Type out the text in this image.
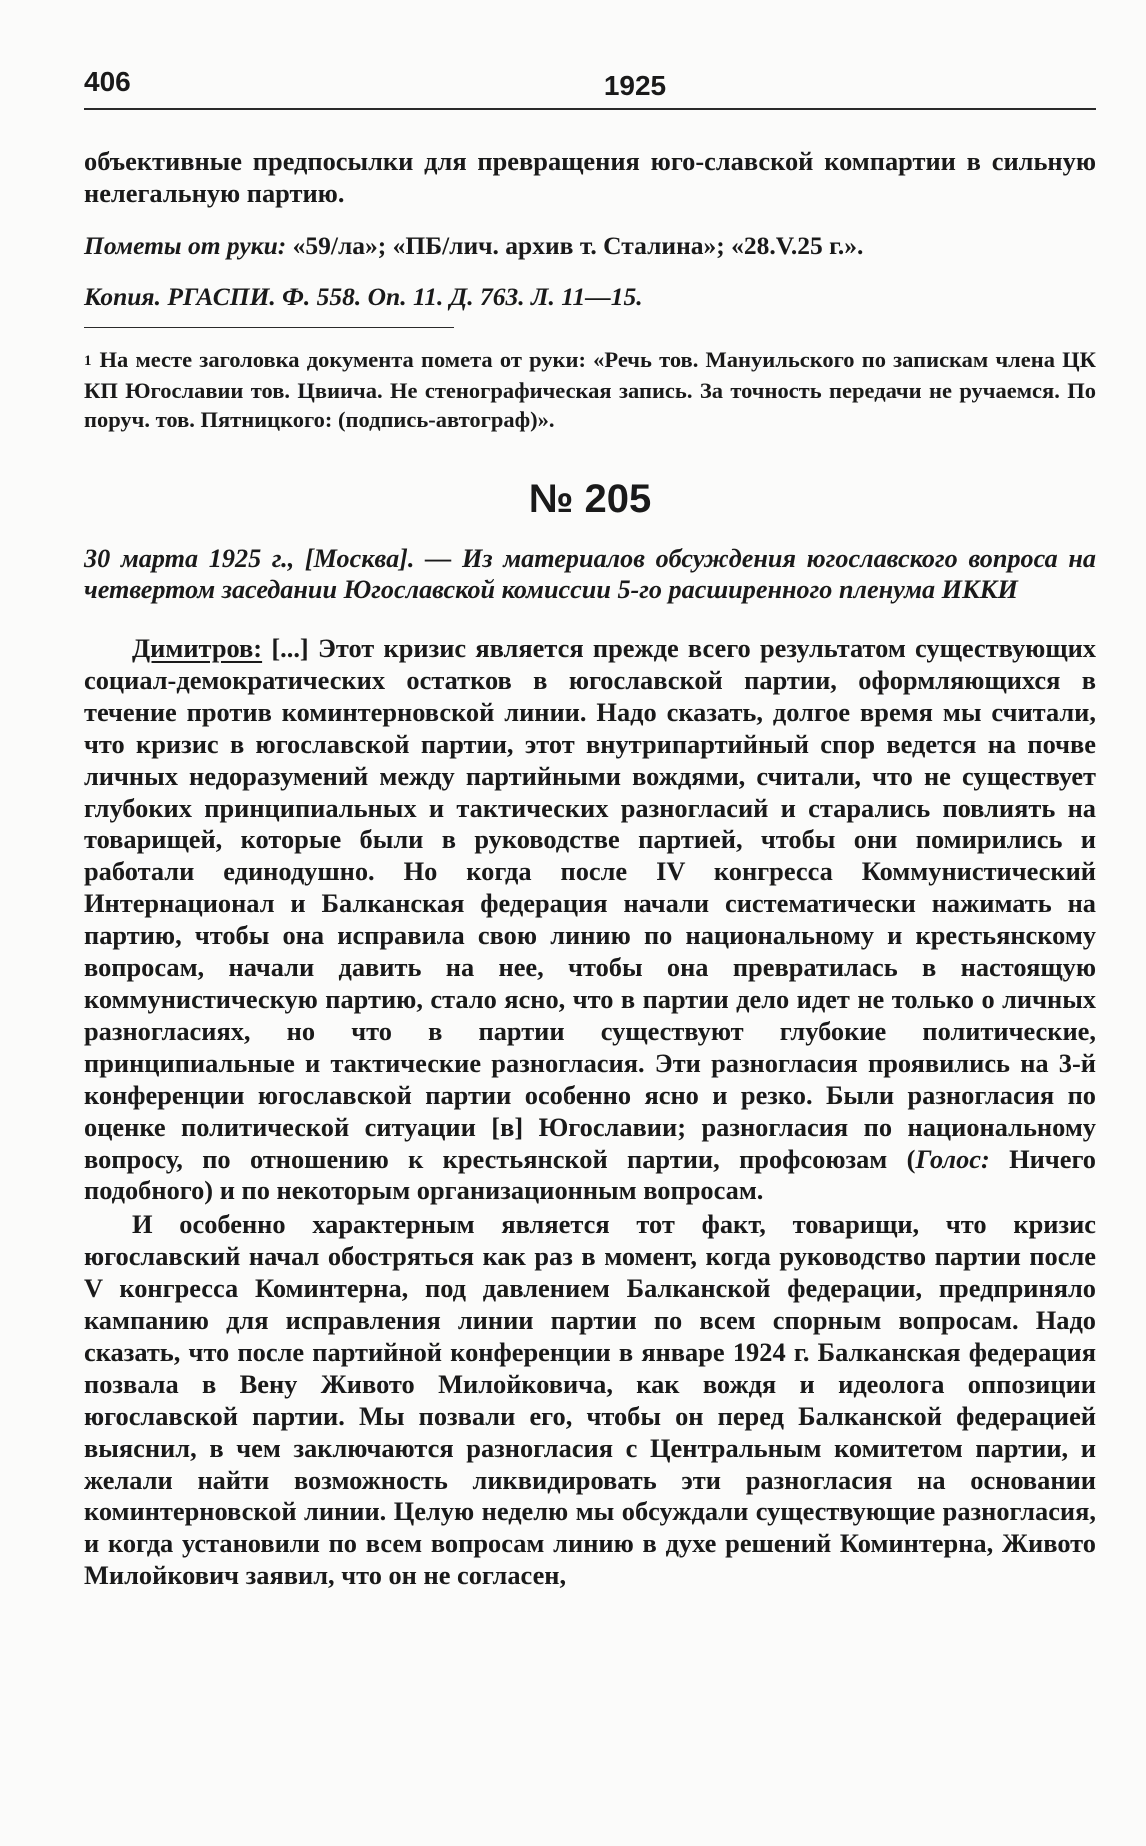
406	1925

объективные предпосылки для превращения юго-славской компартии в сильную нелегальную партию.

Пометы от руки: «59/ла»; «ПБ/лич. архив т. Сталина»; «28.V.25 г.».

Копия. РГАСПИ. Ф. 558. Оп. 11. Д. 763. Л. 11—15.

$^1$ На месте заголовка документа помета от руки: «Речь тов. Мануильского по запискам члена ЦК КП Югославии тов. Цвиича. Не стенографическая запись. За точность передачи не ручаемся. По поруч. тов. Пятницкого: (подпись-автограф)».

№ 205

30 марта 1925 г., [Москва]. — Из материалов обсуждения югославского вопроса на четвертом заседании Югославской комиссии 5-го расширенного пленума ИККИ

Димитров: [...] Этот кризис является прежде всего результатом существующих социал-демократических остатков в югославской партии, оформляющихся в течение против коминтерновской линии. Надо сказать, долгое время мы считали, что кризис в югославской партии, этот внутрипартийный спор ведется на почве личных недоразумений между партийными вождями, считали, что не существует глубоких принципиальных и тактических разногласий и старались повлиять на товарищей, которые были в руководстве партией, чтобы они помирились и работали единодушно. Но когда после IV конгресса Коммунистический Интернационал и Балканская федерация начали систематически нажимать на партию, чтобы она исправила свою линию по национальному и крестьянскому вопросам, начали давить на нее, чтобы она превратилась в настоящую коммунистическую партию, стало ясно, что в партии дело идет не только о личных разногласиях, но что в партии существуют глубокие политические, принципиальные и тактические разногласия. Эти разногласия проявились на 3-й конференции югославской партии особенно ясно и резко. Были разногласия по оценке политической ситуации [в] Югославии; разногласия по национальному вопросу, по отношению к крестьянской партии, профсоюзам (Голос: Ничего подобного) и по некоторым организационным вопросам.

И особенно характерным является тот факт, товарищи, что кризис югославский начал обостряться как раз в момент, когда руководство партии после V конгресса Коминтерна, под давлением Балканской федерации, предприняло кампанию для исправления линии партии по всем спорным вопросам. Надо сказать, что после партийной конференции в январе 1924 г. Балканская федерация позвала в Вену Живото Милойковича, как вождя и идеолога оппозиции югославской партии. Мы позвали его, чтобы он перед Балканской федерацией выяснил, в чем заключаются разногласия с Центральным комитетом партии, и желали найти возможность ликвидировать эти разногласия на основании коминтерновской линии. Целую неделю мы обсуждали существующие разногласия, и когда установили по всем вопросам линию в духе решений Коминтерна, Живото Милойкович заявил, что он не согласен,
